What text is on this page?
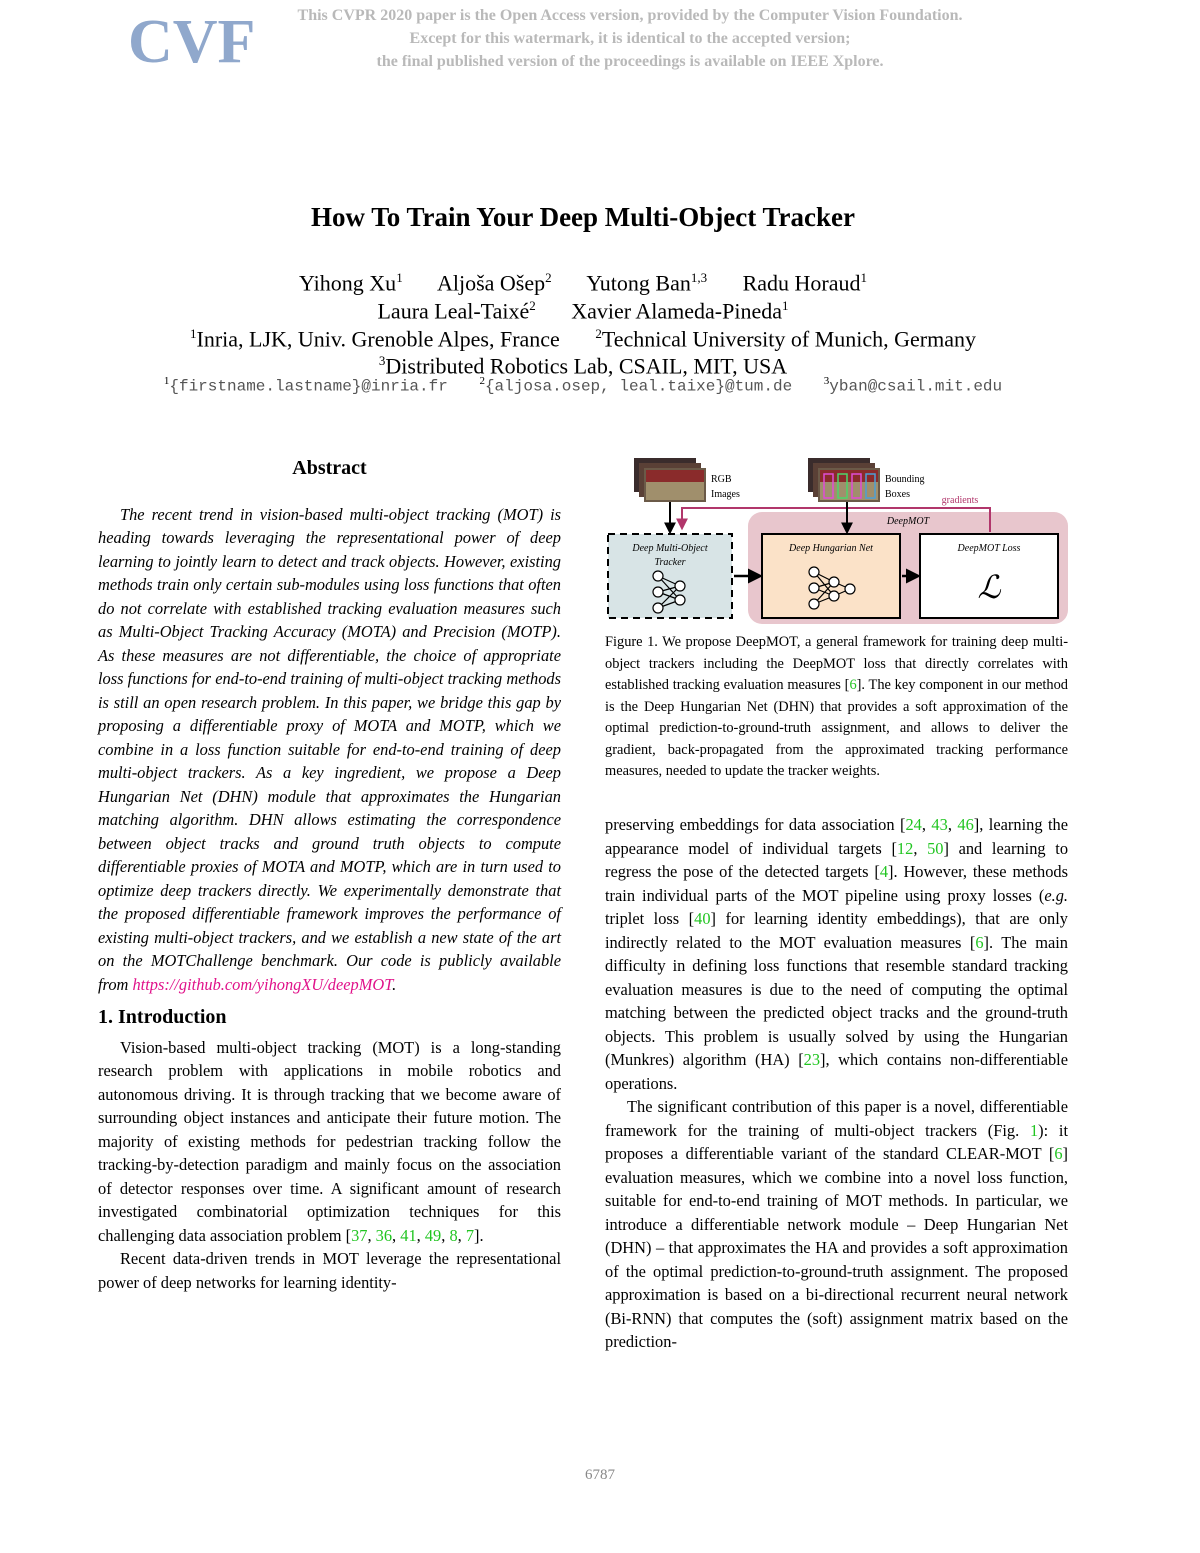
CVF	This CVPR 2020 paper is the Open Access version, provided by the Computer Vision Foundation.
Except for this watermark, it is identical to the accepted version;
the final published version of the proceedings is available on IEEE Xplore.
How To Train Your Deep Multi-Object Tracker
Yihong Xu$^1$ Aljoša Ošep$^2$ Yutong Ban$^{1,3}$ Radu Horaud$^1$
Laura Leal-Taixé$^2$ Xavier Alameda-Pineda$^1$
$^1$Inria, LJK, Univ. Grenoble Alpes, France	$^2$Technical University of Munich, Germany
$^3$Distributed Robotics Lab, CSAIL, MIT, USA
$^1${firstname.lastname}@inria.fr	$^2${aljosa.osep, leal.taixe}@tum.de	$^3$yban@csail.mit.edu
Abstract

The recent trend in vision-based multi-object tracking (MOT) is heading towards leveraging the representational power of deep learning to jointly learn to detect and track objects. However, existing methods train only certain sub-modules using loss functions that often do not correlate with established tracking evaluation measures such as Multi-Object Tracking Accuracy (MOTA) and Precision (MOTP). As these measures are not differentiable, the choice of appropriate loss functions for end-to-end training of multi-object tracking methods is still an open research problem. In this paper, we bridge this gap by proposing a differentiable proxy of MOTA and MOTP, which we combine in a loss function suitable for end-to-end training of deep multi-object trackers. As a key ingredient, we propose a Deep Hungarian Net (DHN) module that approximates the Hungarian matching algorithm. DHN allows estimating the correspondence between object tracks and ground truth objects to compute differentiable proxies of MOTA and MOTP, which are in turn used to optimize deep trackers directly. We experimentally demonstrate that the proposed differentiable framework improves the performance of existing multi-object trackers, and we establish a new state of the art on the MOTChallenge benchmark. Our code is publicly available from https://github.com/yihongXU/deepMOT.

1. Introduction

Vision-based multi-object tracking (MOT) is a long-standing research problem with applications in mobile robotics and autonomous driving. It is through tracking that we become aware of surrounding object instances and anticipate their future motion. The majority of existing methods for pedestrian tracking follow the tracking-by-detection paradigm and mainly focus on the association of detector responses over time. A significant amount of research investigated combinatorial optimization techniques for this challenging data association problem [37, 36, 41, 49, 8, 7].

Recent data-driven trends in MOT leverage the representational power of deep networks for learning identity-

DeepMOT
RGB
Images
Bounding
Boxes
gradients
Deep Multi-Object
Tracker
Deep Hungarian Net	DeepMOT Loss
ℒ
Figure 1. We propose DeepMOT, a general framework for training deep multi-object trackers including the DeepMOT loss that directly correlates with established tracking evaluation measures [6]. The key component in our method is the Deep Hungarian Net (DHN) that provides a soft approximation of the optimal prediction-to-ground-truth assignment, and allows to deliver the gradient, back-propagated from the approximated tracking performance measures, needed to update the tracker weights.

preserving embeddings for data association [24, 43, 46], learning the appearance model of individual targets [12, 50] and learning to regress the pose of the detected targets [4]. However, these methods train individual parts of the MOT pipeline using proxy losses (e.g. triplet loss [40] for learning identity embeddings), that are only indirectly related to the MOT evaluation measures [6]. The main difficulty in defining loss functions that resemble standard tracking evaluation measures is due to the need of computing the optimal matching between the predicted object tracks and the ground-truth objects. This problem is usually solved by using the Hungarian (Munkres) algorithm (HA) [23], which contains non-differentiable operations.

The significant contribution of this paper is a novel, differentiable framework for the training of multi-object trackers (Fig. 1): it proposes a differentiable variant of the standard CLEAR-MOT [6] evaluation measures, which we combine into a novel loss function, suitable for end-to-end training of MOT methods. In particular, we introduce a differentiable network module – Deep Hungarian Net (DHN) – that approximates the HA and provides a soft approximation of the optimal prediction-to-ground-truth assignment. The proposed approximation is based on a bi-directional recurrent neural network (Bi-RNN) that computes the (soft) assignment matrix based on the prediction-

6787
